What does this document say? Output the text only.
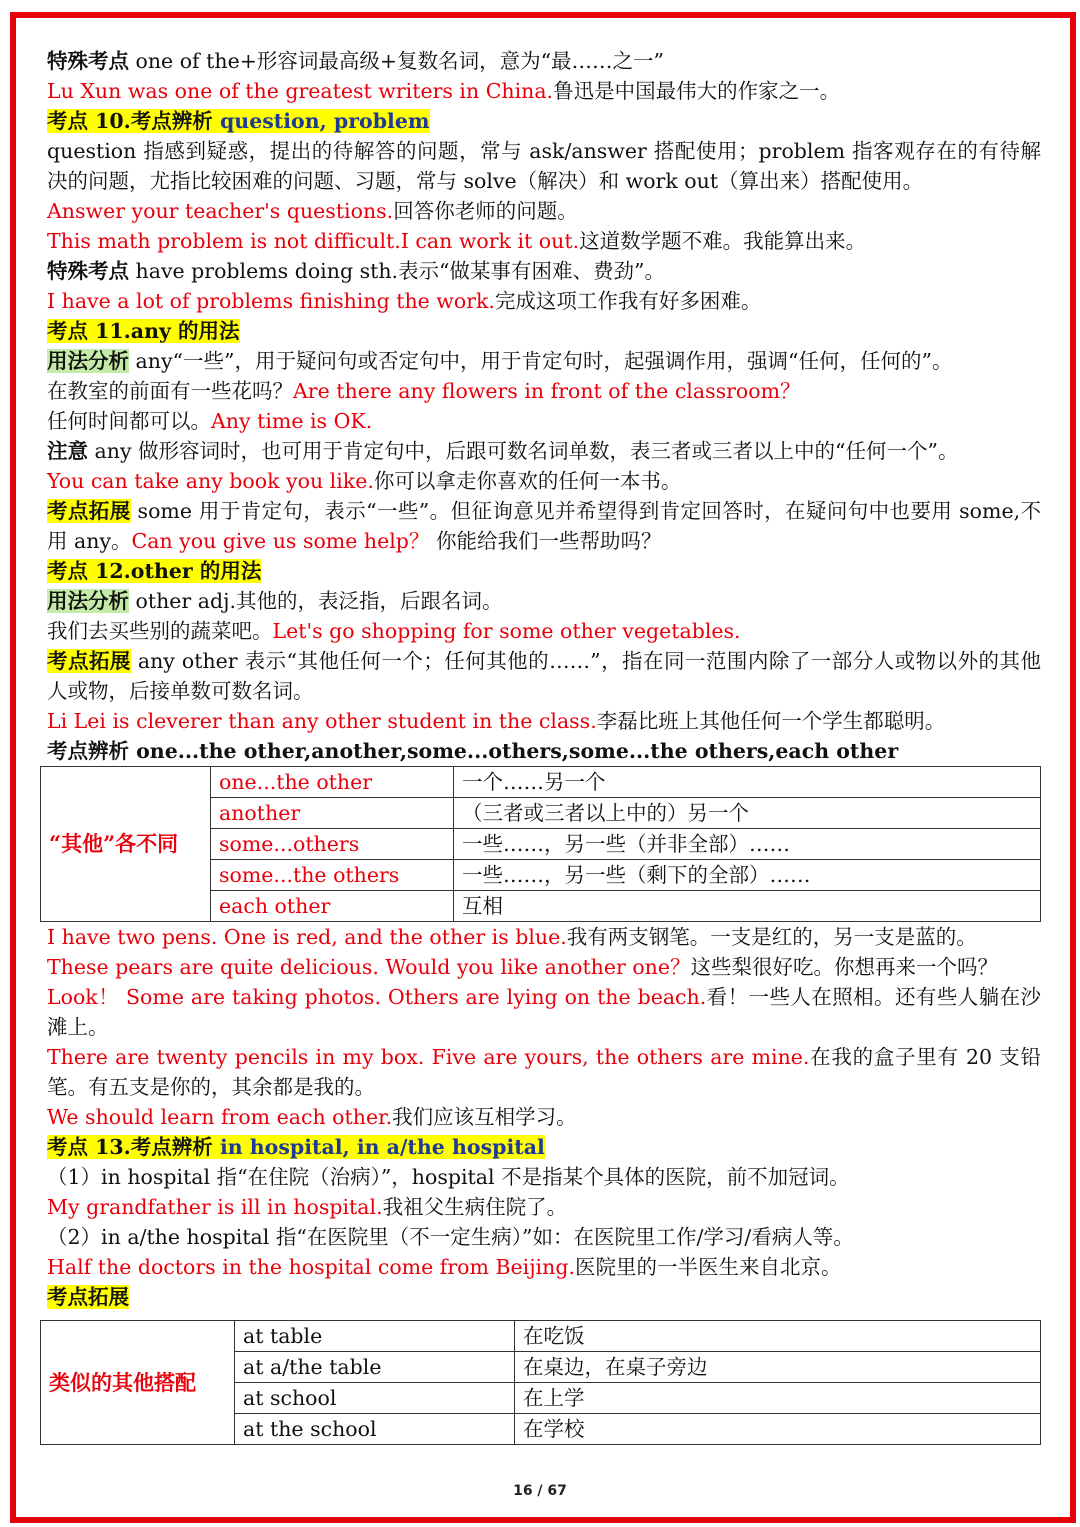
特殊考点 one of the+形容词最高级+复数名词，意为“最……之一”
Lu Xun was one of the greatest writers in China.鲁迅是中国最伟大的作家之一。
考点 10.考点辨析 question, problem
question 指感到疑惑，提出的待解答的问题，常与 ask/answer 搭配使用；problem 指客观存在的有待解决的问题，尤指比较困难的问题、习题，常与 solve（解决）和 work out（算出来）搭配使用。
Answer your teacher's questions.回答你老师的问题。
This math problem is not difficult.I can work it out.这道数学题不难。我能算出来。
特殊考点 have problems doing sth.表示“做某事有困难、费劲”。
I have a lot of problems finishing the work.完成这项工作我有好多困难。
考点 11.any 的用法
用法分析 any“一些”，用于疑问句或否定句中，用于肯定句时，起强调作用，强调“任何，任何的”。
在教室的前面有一些花吗？Are there any flowers in front of the classroom？
任何时间都可以。Any time is OK.
注意 any 做形容词时，也可用于肯定句中，后跟可数名词单数，表三者或三者以上中的“任何一个”。
You can take any book you like.你可以拿走你喜欢的任何一本书。
考点拓展 some 用于肯定句，表示“一些”。但征询意见并希望得到肯定回答时，在疑问句中也要用 some,不用 any。Can you give us some help？ 你能给我们一些帮助吗？
考点 12.other 的用法
用法分析 other adj.其他的，表泛指，后跟名词。
我们去买些别的蔬菜吧。Let's go shopping for some other vegetables.
考点拓展 any other 表示“其他任何一个；任何其他的……”，指在同一范围内除了一部分人或物以外的其他人或物，后接单数可数名词。
Li Lei is cleverer than any other student in the class.李磊比班上其他任何一个学生都聪明。
考点辨析 one...the other,another,some...others,some...the others,each other
“其他”各不同	one...the other	一个……另一个
	another	（三者或三者以上中的）另一个
	some...others	一些……，另一些（并非全部）……
	some...the others	一些……，另一些（剩下的全部）……
	each other	互相
I have two pens. One is red, and the other is blue.我有两支钢笔。一支是红的，另一支是蓝的。
These pears are quite delicious. Would you like another one？这些梨很好吃。你想再来一个吗？
Look！ Some are taking photos. Others are lying on the beach.看！一些人在照相。还有些人躺在沙滩上。
There are twenty pencils in my box. Five are yours, the others are mine.在我的盒子里有 20 支铅笔。有五支是你的，其余都是我的。
We should learn from each other.我们应该互相学习。
考点 13.考点辨析 in hospital, in a/the hospital
（1）in hospital 指“在住院（治病）”，hospital 不是指某个具体的医院，前不加冠词。
My grandfather is ill in hospital.我祖父生病住院了。
（2）in a/the hospital 指“在医院里（不一定生病）”如：在医院里工作/学习/看病人等。
Half the doctors in the hospital come from Beijing.医院里的一半医生来自北京。
考点拓展
类似的其他搭配	at table	在吃饭
	at a/the table	在桌边，在桌子旁边
	at school	在上学
	at the school	在学校
16 / 67
